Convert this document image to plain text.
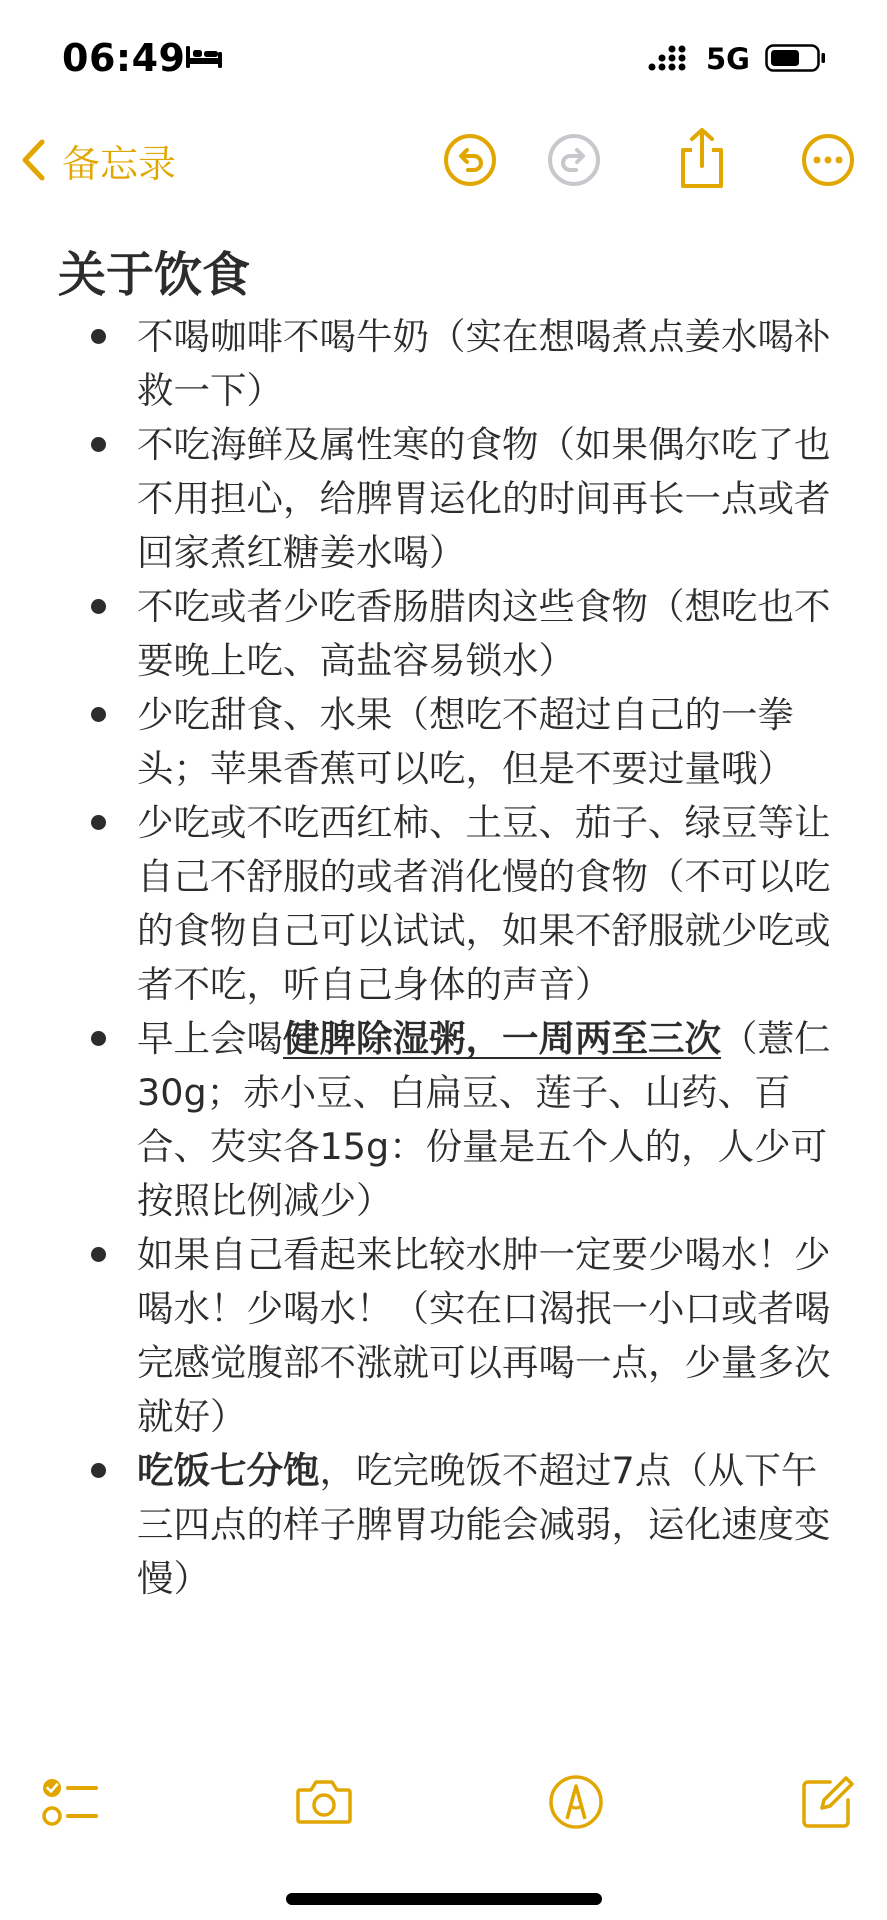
06:49	5G
备忘录
关于饮食
不喝咖啡不喝牛奶（实在想喝煮点姜水喝补救一下）
不吃海鲜及属性寒的食物（如果偶尔吃了也不用担心，给脾胃运化的时间再长一点或者回家煮红糖姜水喝）
不吃或者少吃香肠腊肉这些食物（想吃也不要晚上吃、高盐容易锁水）
少吃甜食、水果（想吃不超过自己的一拳头；苹果香蕉可以吃，但是不要过量哦）
少吃或不吃西红柿、土豆、茄子、绿豆等让自己不舒服的或者消化慢的食物（不可以吃的食物自己可以试试，如果不舒服就少吃或者不吃，听自己身体的声音）
早上会喝健脾除湿粥，一周两至三次（薏仁30g；赤小豆、白扁豆、莲子、山药、百合、芡实各15g：份量是五个人的，人少可按照比例减少）
如果自己看起来比较水肿一定要少喝水！少喝水！少喝水！（实在口渴抿一小口或者喝完感觉腹部不涨就可以再喝一点，少量多次就好）
吃饭七分饱，吃完晚饭不超过7点（从下午三四点的样子脾胃功能会减弱，运化速度变慢）
